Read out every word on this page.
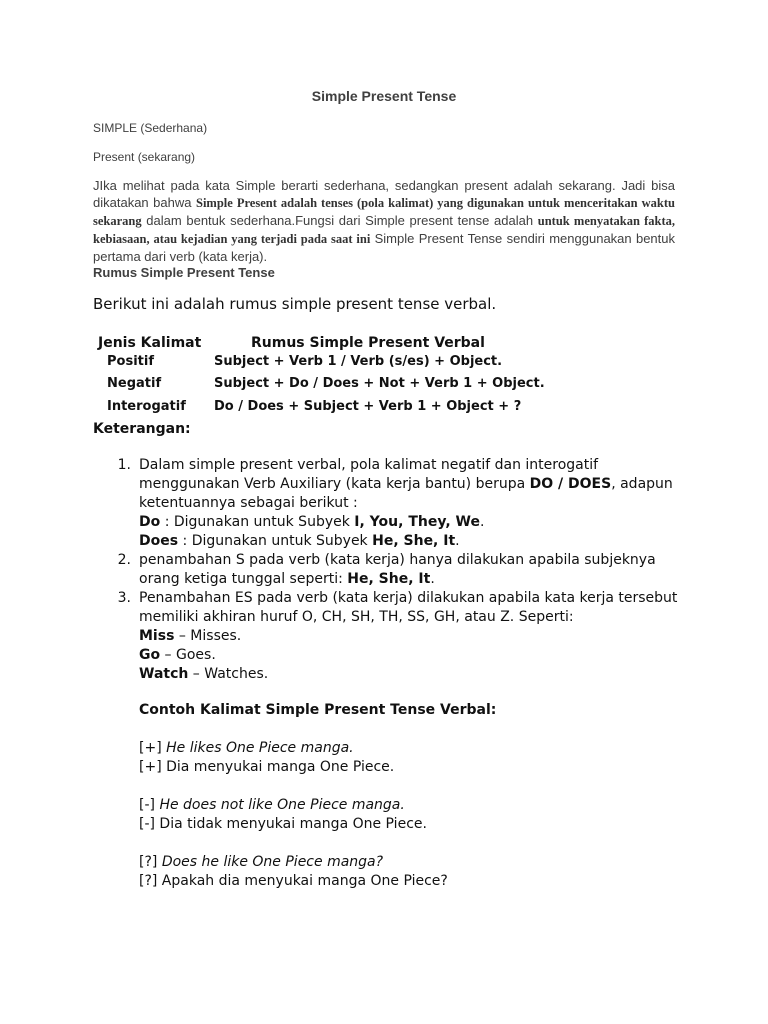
Simple Present Tense
SIMPLE (Sederhana)
Present (sekarang)
JIka melihat pada kata Simple berarti sederhana, sedangkan present adalah sekarang. Jadi bisa dikatakan bahwa Simple Present adalah tenses (pola kalimat) yang digunakan untuk menceritakan waktu sekarang dalam bentuk sederhana.Fungsi dari Simple present tense adalah untuk menyatakan fakta, kebiasaan, atau kejadian yang terjadi pada saat ini Simple Present Tense sendiri menggunakan bentuk pertama dari verb (kata kerja).
Rumus Simple Present Tense
Berikut ini adalah rumus simple present tense verbal.
Jenis Kalimat	Rumus Simple Present Verbal
Positif	Subject + Verb 1 / Verb (s/es) + Object.
Negatif	Subject + Do / Does + Not + Verb 1 + Object.
Interogatif Do / Does + Subject + Verb 1 + Object + ?
Keterangan:
1. Dalam simple present verbal, pola kalimat negatif dan interogatif menggunakan Verb Auxiliary (kata kerja bantu) berupa DO / DOES, adapun ketentuannya sebagai berikut :
Do : Digunakan untuk Subyek I, You, They, We.
Does : Digunakan untuk Subyek He, She, It.
2. penambahan S pada verb (kata kerja) hanya dilakukan apabila subjeknya orang ketiga tunggal seperti: He, She, It.
3. Penambahan ES pada verb (kata kerja) dilakukan apabila kata kerja tersebut memiliki akhiran huruf O, CH, SH, TH, SS, GH, atau Z. Seperti:
Miss – Misses.
Go – Goes.
Watch – Watches.
Contoh Kalimat Simple Present Tense Verbal:
[+] He likes One Piece manga.
[+] Dia menyukai manga One Piece.
[-] He does not like One Piece manga.
[-] Dia tidak menyukai manga One Piece.
[?] Does he like One Piece manga?
[?] Apakah dia menyukai manga One Piece?
